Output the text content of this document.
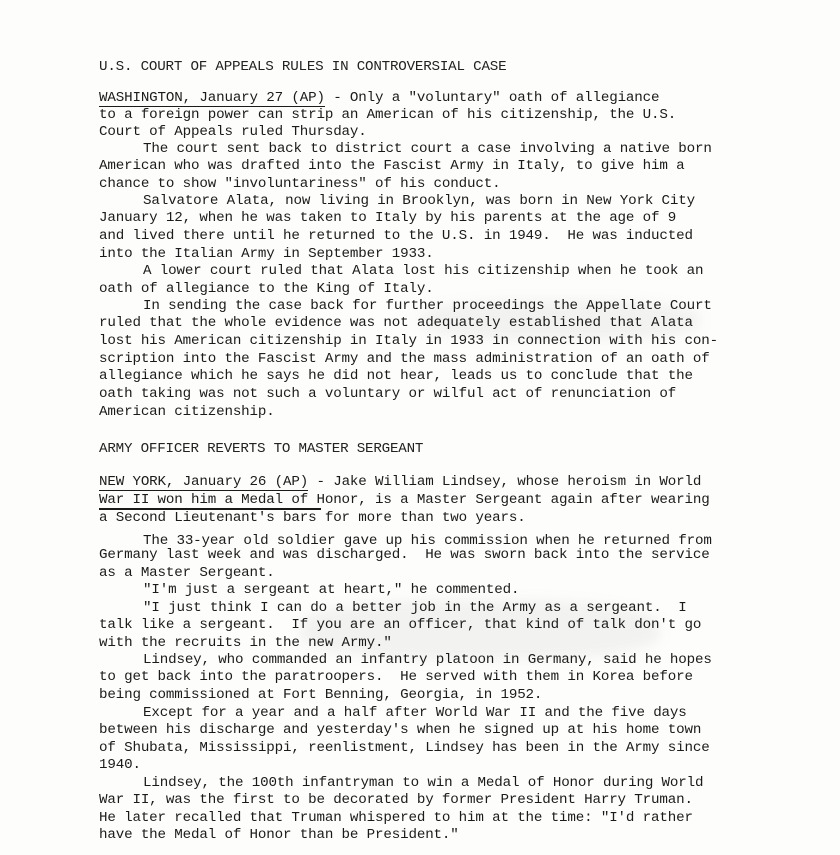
U.S. COURT OF APPEALS RULES IN CONTROVERSIAL CASE
WASHINGTON, January 27 (AP) - Only a "voluntary" oath of allegiance
to a foreign power can strip an American of his citizenship, the U.S.
Court of Appeals ruled Thursday.
The court sent back to district court a case involving a native born
American who was drafted into the Fascist Army in Italy, to give him a
chance to show "involuntariness" of his conduct.
Salvatore Alata, now living in Brooklyn, was born in New York City
January 12, when he was taken to Italy by his parents at the age of 9
and lived there until he returned to the U.S. in 1949.  He was inducted
into the Italian Army in September 1933.
A lower court ruled that Alata lost his citizenship when he took an
oath of allegiance to the King of Italy.
In sending the case back for further proceedings the Appellate Court
ruled that the whole evidence was not adequately established that Alata
lost his American citizenship in Italy in 1933 in connection with his con-
scription into the Fascist Army and the mass administration of an oath of
allegiance which he says he did not hear, leads us to conclude that the
oath taking was not such a voluntary or wilful act of renunciation of
American citizenship.
ARMY OFFICER REVERTS TO MASTER SERGEANT
NEW YORK, January 26 (AP) - Jake William Lindsey, whose heroism in World
War II won him a Medal of Honor, is a Master Sergeant again after wearing
a Second Lieutenant's bars for more than two years.
The 33-year old soldier gave up his commission when he returned from
Germany last week and was discharged.  He was sworn back into the service
as a Master Sergeant.
"I'm just a sergeant at heart," he commented.
"I just think I can do a better job in the Army as a sergeant.  I
talk like a sergeant.  If you are an officer, that kind of talk don't go
with the recruits in the new Army."
Lindsey, who commanded an infantry platoon in Germany, said he hopes
to get back into the paratroopers.  He served with them in Korea before
being commissioned at Fort Benning, Georgia, in 1952.
Except for a year and a half after World War II and the five days
between his discharge and yesterday's when he signed up at his home town
of Shubata, Mississippi, reenlistment, Lindsey has been in the Army since
1940.
Lindsey, the 100th infantryman to win a Medal of Honor during World
War II, was the first to be decorated by former President Harry Truman.
He later recalled that Truman whispered to him at the time: "I'd rather
have the Medal of Honor than be President."
